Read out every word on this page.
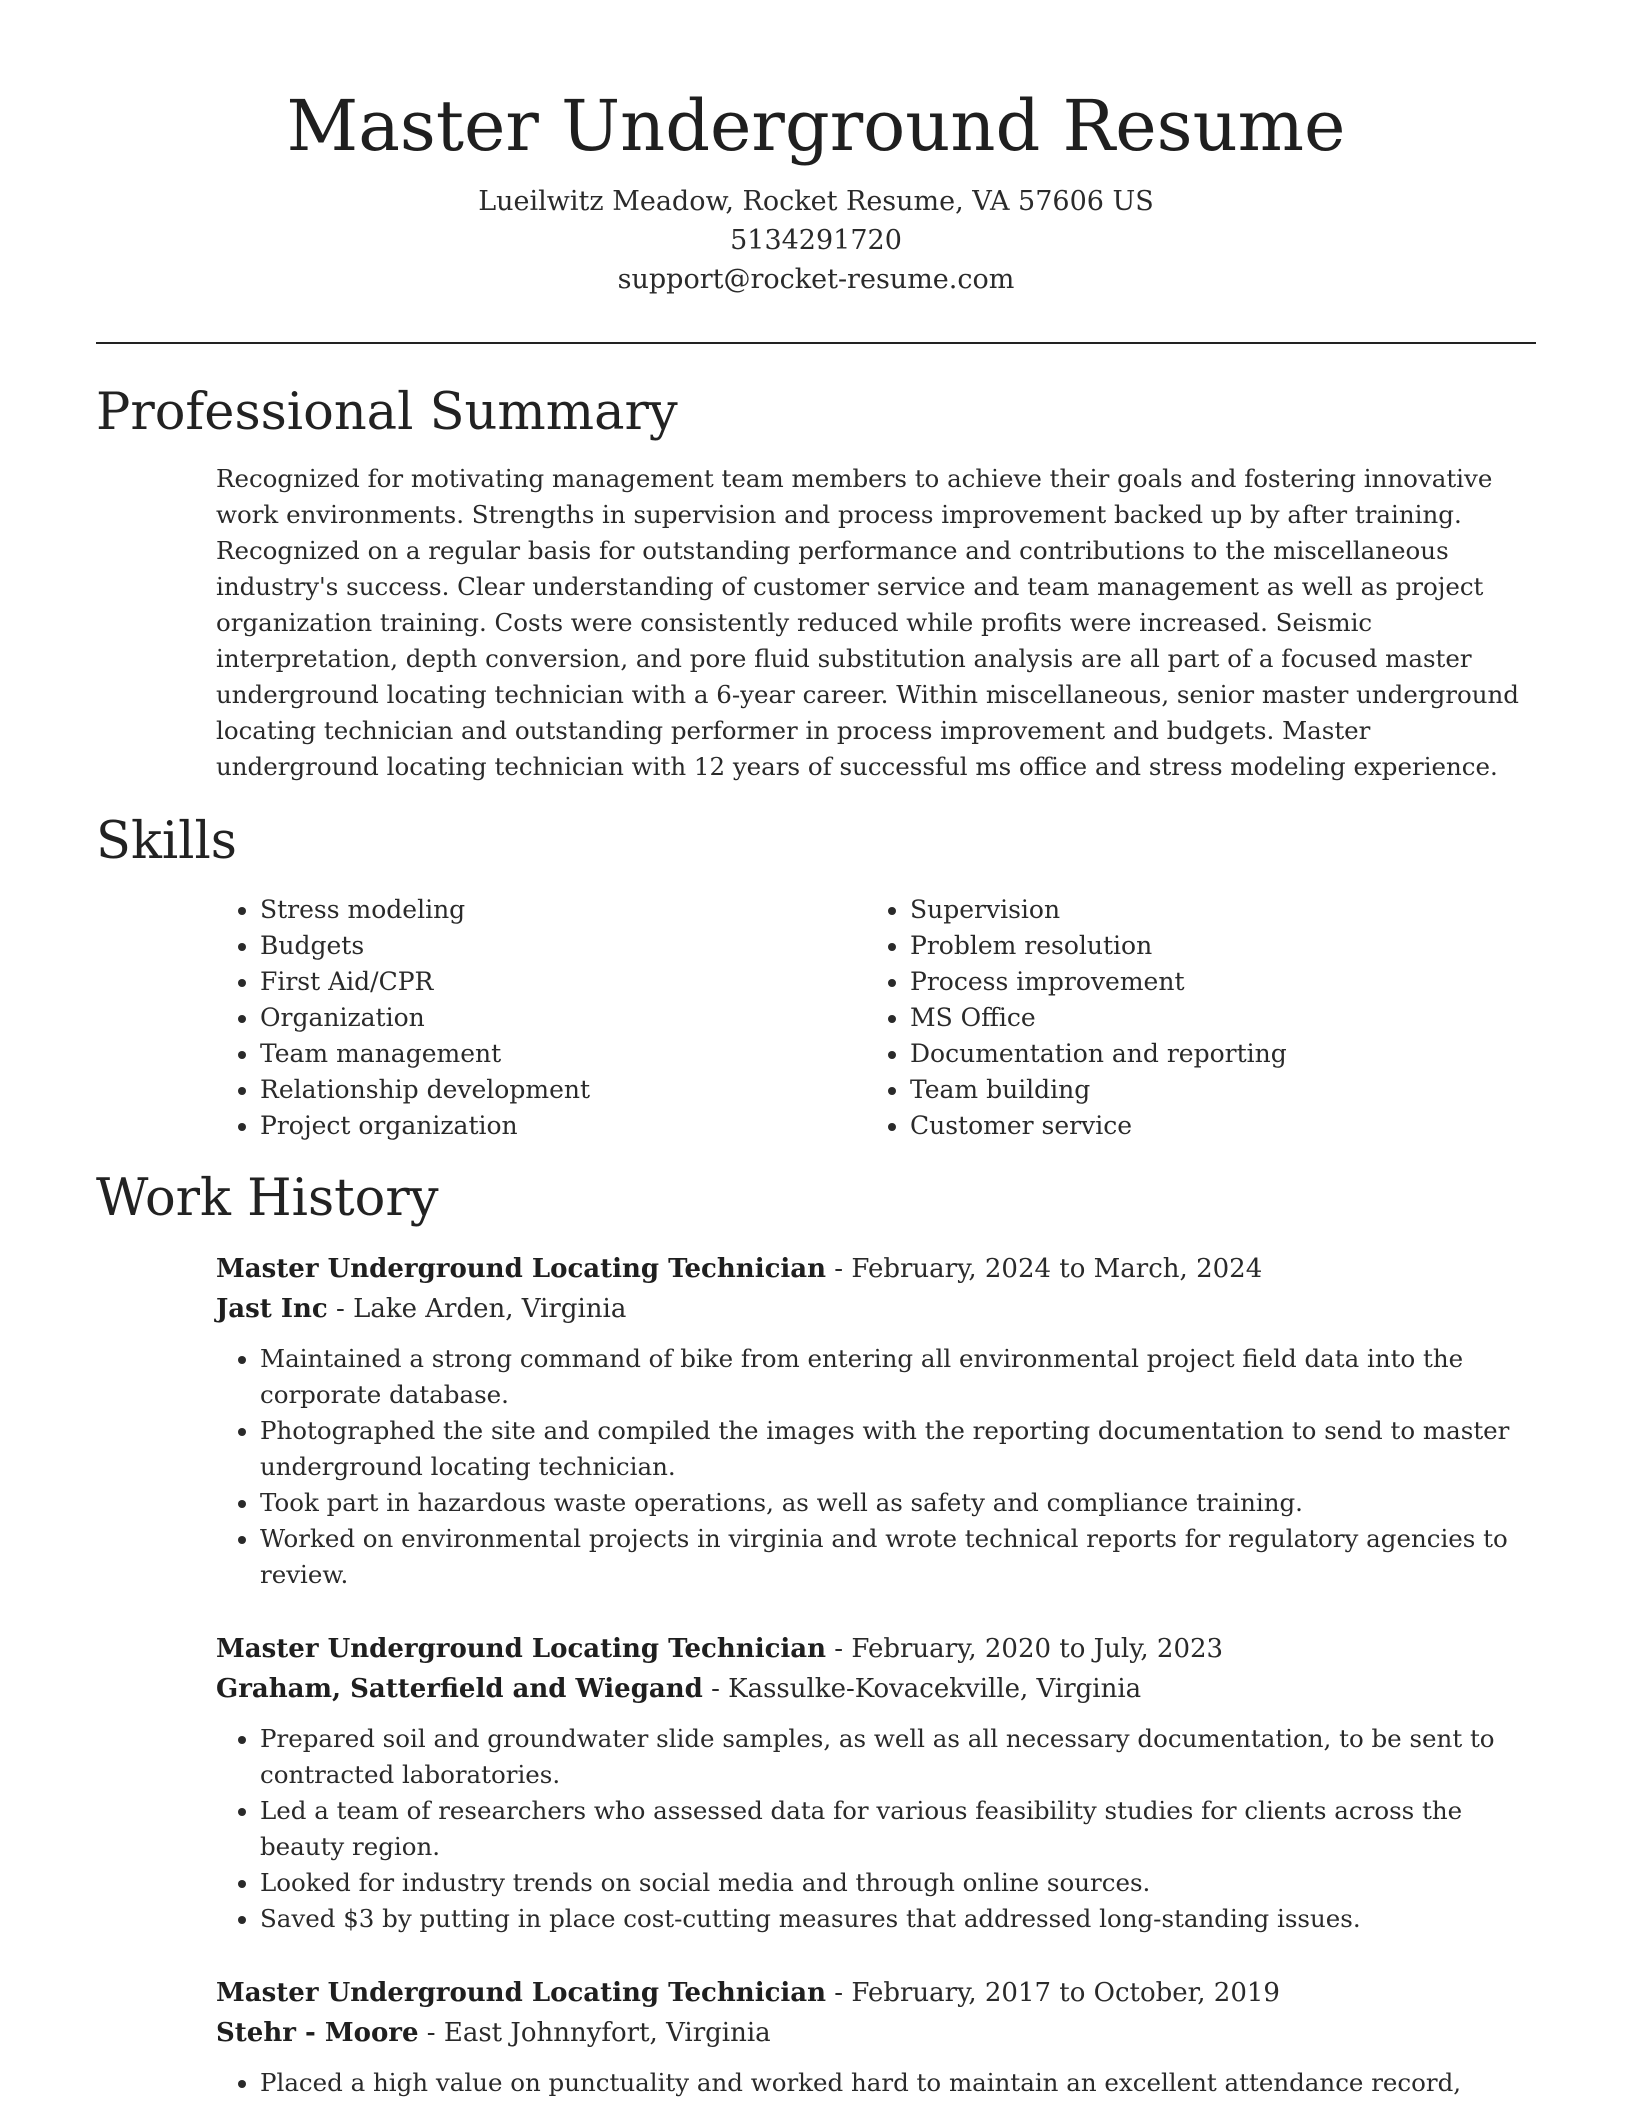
Master Underground Resume
Lueilwitz Meadow, Rocket Resume, VA 57606 US
5134291720
support@rocket-resume.com
Professional Summary

Recognized for motivating management team members to achieve their goals and fostering innovative work environments. Strengths in supervision and process improvement backed up by after training. Recognized on a regular basis for outstanding performance and contributions to the miscellaneous industry's success. Clear understanding of customer service and team management as well as project organization training. Costs were consistently reduced while profits were increased. Seismic interpretation, depth conversion, and pore fluid substitution analysis are all part of a focused master underground locating technician with a 6-year career. Within miscellaneous, senior master underground locating technician and outstanding performer in process improvement and budgets. Master underground locating technician with 12 years of successful ms office and stress modeling experience.

Skills
• Stress modeling
• Budgets
• First Aid/CPR
• Organization
• Team management
• Relationship development
• Project organization
• Supervision
• Problem resolution
• Process improvement
• MS Office
• Documentation and reporting
• Team building
• Customer service
Work History
Master Underground Locating Technician - February, 2024 to March, 2024
Jast Inc - Lake Arden, Virginia
• Maintained a strong command of bike from entering all environmental project field data into the corporate database.
• Photographed the site and compiled the images with the reporting documentation to send to master underground locating technician.
• Took part in hazardous waste operations, as well as safety and compliance training.
• Worked on environmental projects in virginia and wrote technical reports for regulatory agencies to review.
Master Underground Locating Technician - February, 2020 to July, 2023
Graham, Satterfield and Wiegand - Kassulke-Kovacekville, Virginia
• Prepared soil and groundwater slide samples, as well as all necessary documentation, to be sent to contracted laboratories.
• Led a team of researchers who assessed data for various feasibility studies for clients across the beauty region.
• Looked for industry trends on social media and through online sources.
• Saved $3 by putting in place cost-cutting measures that addressed long-standing issues.
Master Underground Locating Technician - February, 2017 to October, 2019
Stehr - Moore - East Johnnyfort, Virginia
• Placed a high value on punctuality and worked hard to maintain an excellent attendance record,
